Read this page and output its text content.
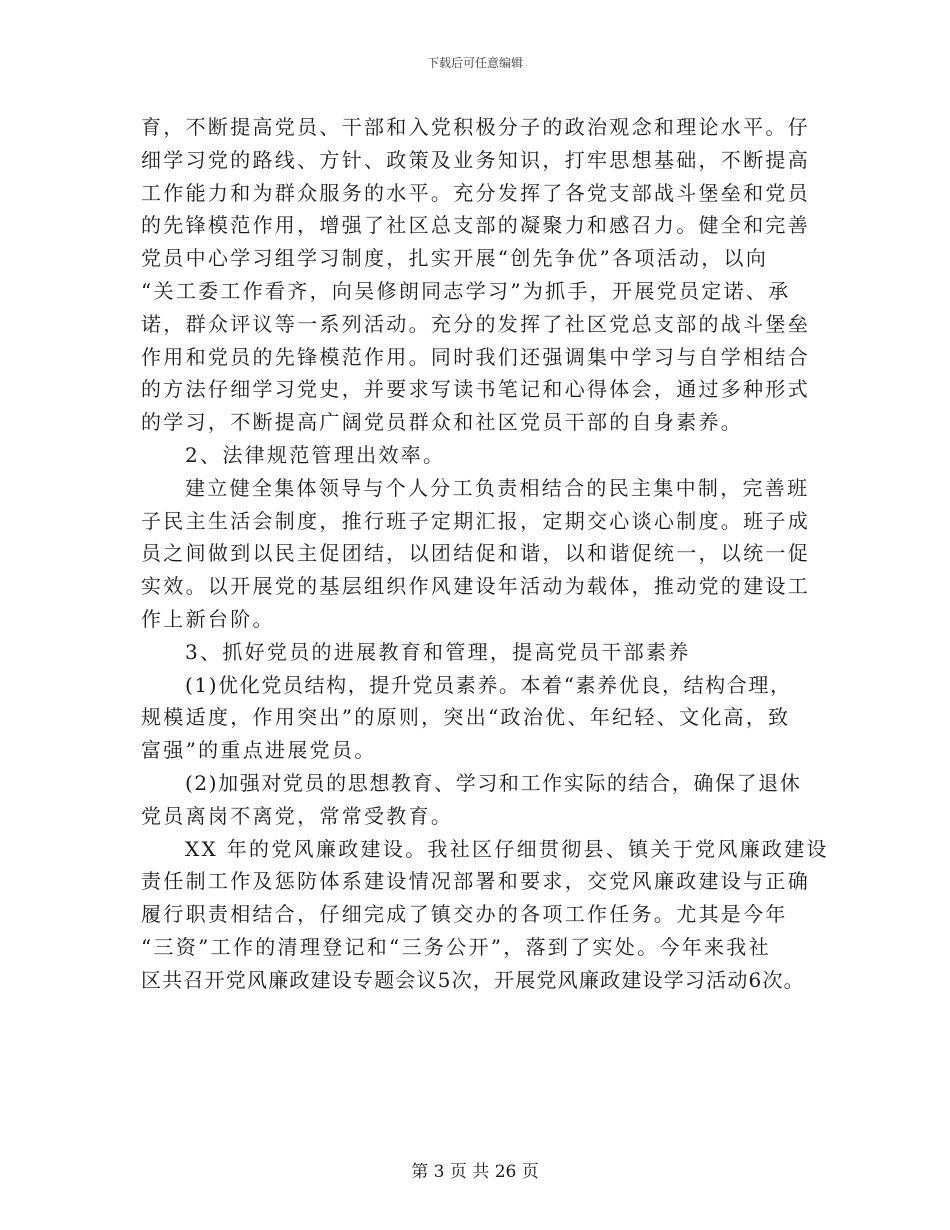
下载后可任意编辑
育，不断提高党员、干部和入党积极分子的政治观念和理论水平。仔
细学习党的路线、方针、政策及业务知识，打牢思想基础，不断提高
工作能力和为群众服务的水平。充分发挥了各党支部战斗堡垒和党员
的先锋模范作用，增强了社区总支部的凝聚力和感召力。健全和完善
党员中心学习组学习制度，扎实开展“创先争优”各项活动，以向
“关工委工作看齐，向吴修朗同志学习”为抓手，开展党员定诺、承
诺，群众评议等一系列活动。充分的发挥了社区党总支部的战斗堡垒
作用和党员的先锋模范作用。同时我们还强调集中学习与自学相结合
的方法仔细学习党史，并要求写读书笔记和心得体会，通过多种形式
的学习，不断提高广阔党员群众和社区党员干部的自身素养。
2、法律规范管理出效率。
建立健全集体领导与个人分工负责相结合的民主集中制，完善班
子民主生活会制度，推行班子定期汇报，定期交心谈心制度。班子成
员之间做到以民主促团结，以团结促和谐，以和谐促统一，以统一促
实效。以开展党的基层组织作风建设年活动为载体，推动党的建设工
作上新台阶。
3、抓好党员的进展教育和管理，提高党员干部素养
(1)优化党员结构，提升党员素养。本着“素养优良，结构合理，
规模适度，作用突出”的原则，突出“政治优、年纪轻、文化高，致
富强”的重点进展党员。
(2)加强对党员的思想教育、学习和工作实际的结合，确保了退休
党员离岗不离党，常常受教育。
XX 年的党风廉政建设。我社区仔细贯彻县、镇关于党风廉政建设
责任制工作及惩防体系建设情况部署和要求，交党风廉政建设与正确
履行职责相结合，仔细完成了镇交办的各项工作任务。尤其是今年
“三资”工作的清理登记和“三务公开”，落到了实处。今年来我社
区共召开党风廉政建设专题会议5次，开展党风廉政建设学习活动6次。
第 3 页 共 26 页
